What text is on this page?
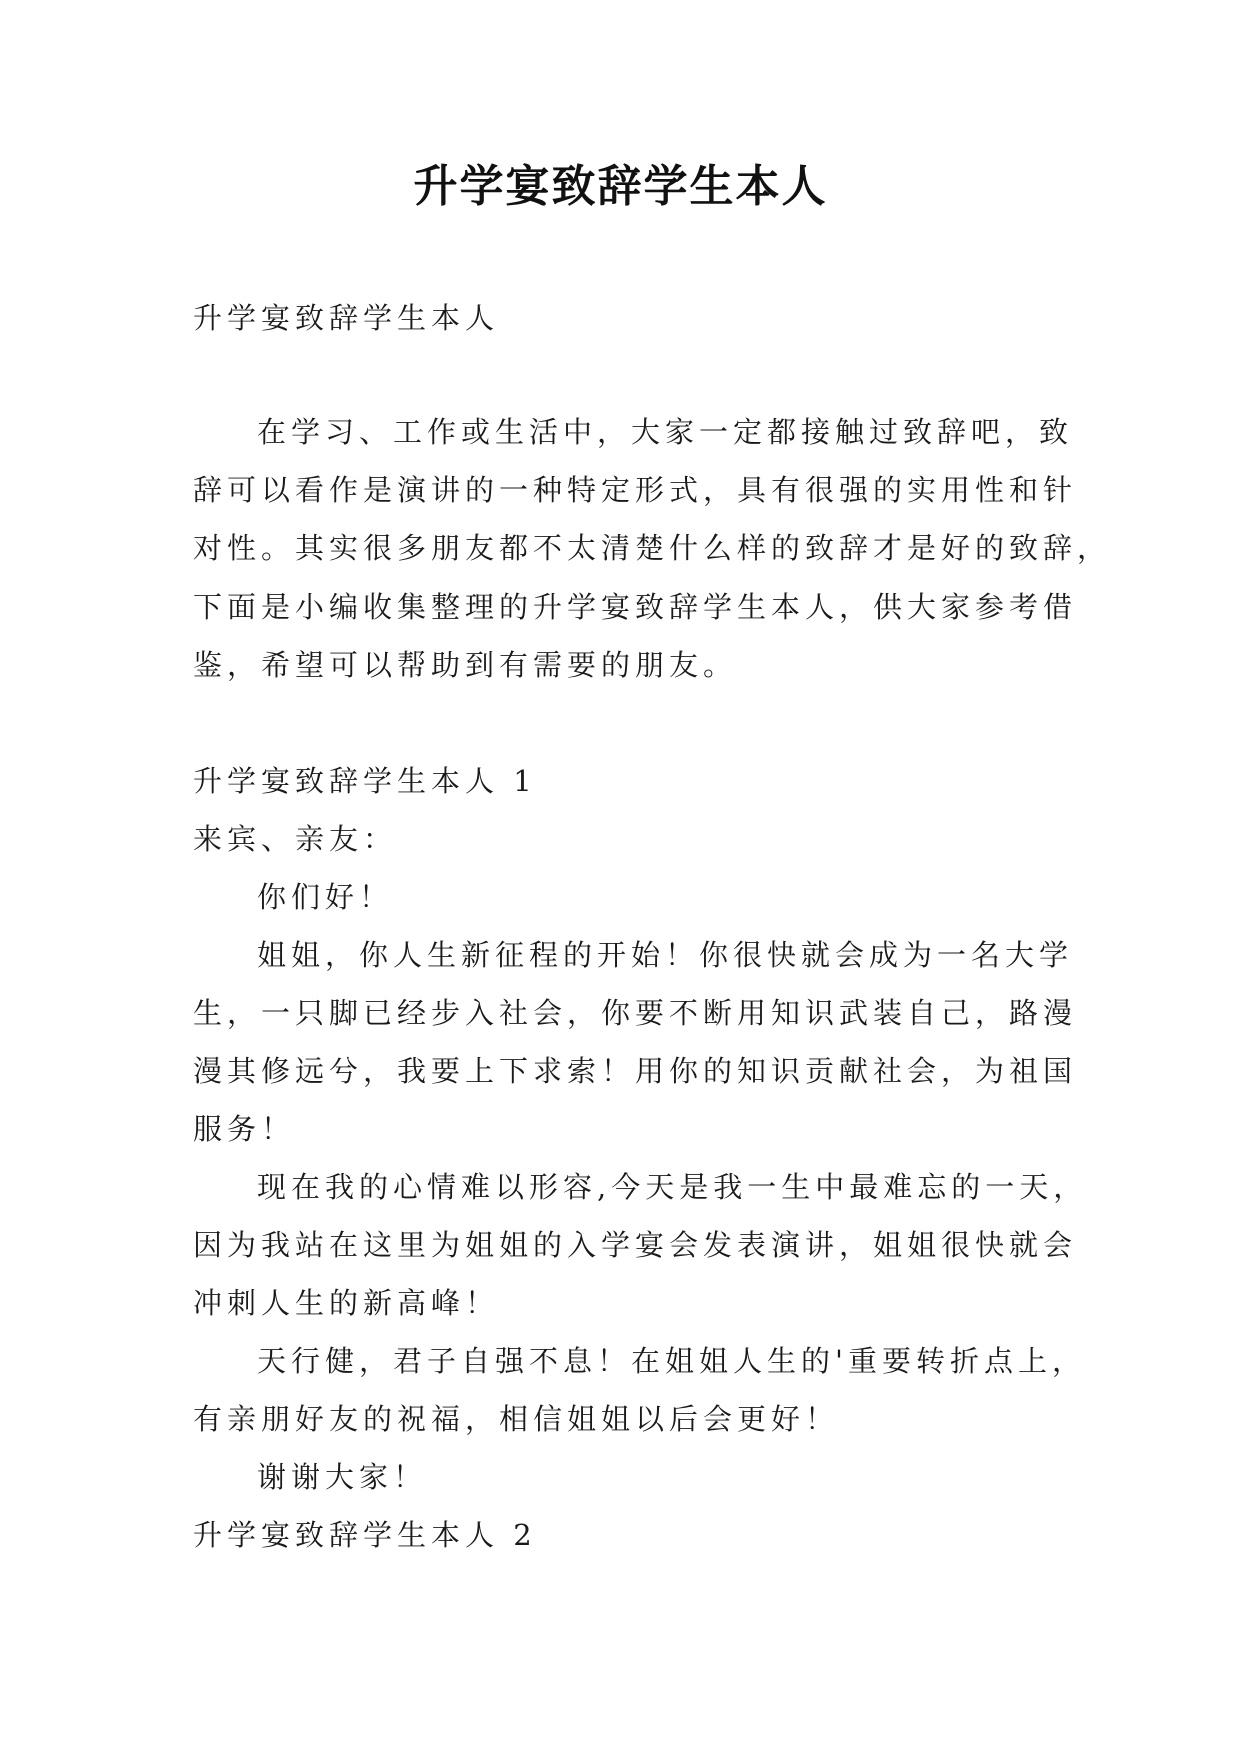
升学宴致辞学生本人

升学宴致辞学生本人

在学习、工作或生活中，大家一定都接触过致辞吧，致

辞可以看作是演讲的一种特定形式，具有很强的实用性和针

对性。其实很多朋友都不太清楚什么样的致辞才是好的致辞，

下面是小编收集整理的升学宴致辞学生本人，供大家参考借

鉴，希望可以帮助到有需要的朋友。

升学宴致辞学生本人 1

来宾、亲友：

你们好！

姐姐，你人生新征程的开始！你很快就会成为一名大学

生，一只脚已经步入社会，你要不断用知识武装自己，路漫

漫其修远兮，我要上下求索！用你的知识贡献社会，为祖国

服务！

现在我的心情难以形容,今天是我一生中最难忘的一天，

因为我站在这里为姐姐的入学宴会发表演讲，姐姐很快就会

冲刺人生的新高峰！

天行健，君子自强不息！在姐姐人生的'重要转折点上，

有亲朋好友的祝福，相信姐姐以后会更好！

谢谢大家！

升学宴致辞学生本人 2
